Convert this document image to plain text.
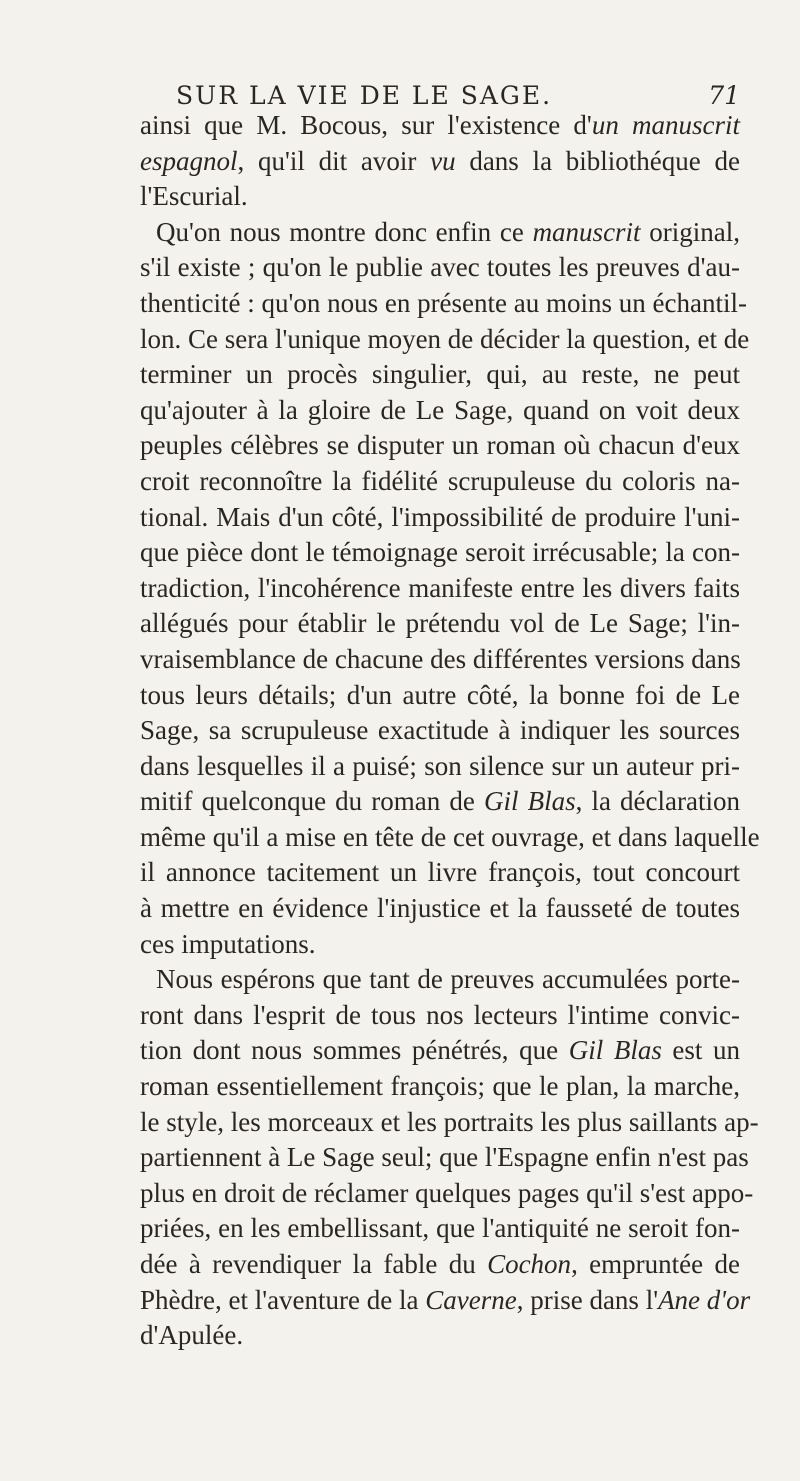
SUR LA VIE DE LE SAGE.	71
ainsi que M. Bocous, sur l'existence d'un manuscrit
espagnol, qu'il dit avoir vu dans la bibliothéque de
l'Escurial.
Qu'on nous montre donc enfin ce manuscrit original,
s'il existe ; qu'on le publie avec toutes les preuves d'au-
thenticité : qu'on nous en présente au moins un échantil-
lon. Ce sera l'unique moyen de décider la question, et de
terminer un procès singulier, qui, au reste, ne peut
qu'ajouter à la gloire de Le Sage, quand on voit deux
peuples célèbres se disputer un roman où chacun d'eux
croit reconnoître la fidélité scrupuleuse du coloris na-
tional. Mais d'un côté, l'impossibilité de produire l'uni-
que pièce dont le témoignage seroit irrécusable; la con-
tradiction, l'incohérence manifeste entre les divers faits
allégués pour établir le prétendu vol de Le Sage; l'in-
vraisemblance de chacune des différentes versions dans
tous leurs détails; d'un autre côté, la bonne foi de Le
Sage, sa scrupuleuse exactitude à indiquer les sources
dans lesquelles il a puisé; son silence sur un auteur pri-
mitif quelconque du roman de Gil Blas, la déclaration
même qu'il a mise en tête de cet ouvrage, et dans laquelle
il annonce tacitement un livre françois, tout concourt
à mettre en évidence l'injustice et la fausseté de toutes
ces imputations.
Nous espérons que tant de preuves accumulées porte-
ront dans l'esprit de tous nos lecteurs l'intime convic-
tion dont nous sommes pénétrés, que Gil Blas est un
roman essentiellement françois; que le plan, la marche,
le style, les morceaux et les portraits les plus saillants ap-
partiennent à Le Sage seul; que l'Espagne enfin n'est pas
plus en droit de réclamer quelques pages qu'il s'est appo-
priées, en les embellissant, que l'antiquité ne seroit fon-
dée à revendiquer la fable du Cochon, empruntée de
Phèdre, et l'aventure de la Caverne, prise dans l'Ane d'or
d'Apulée.
